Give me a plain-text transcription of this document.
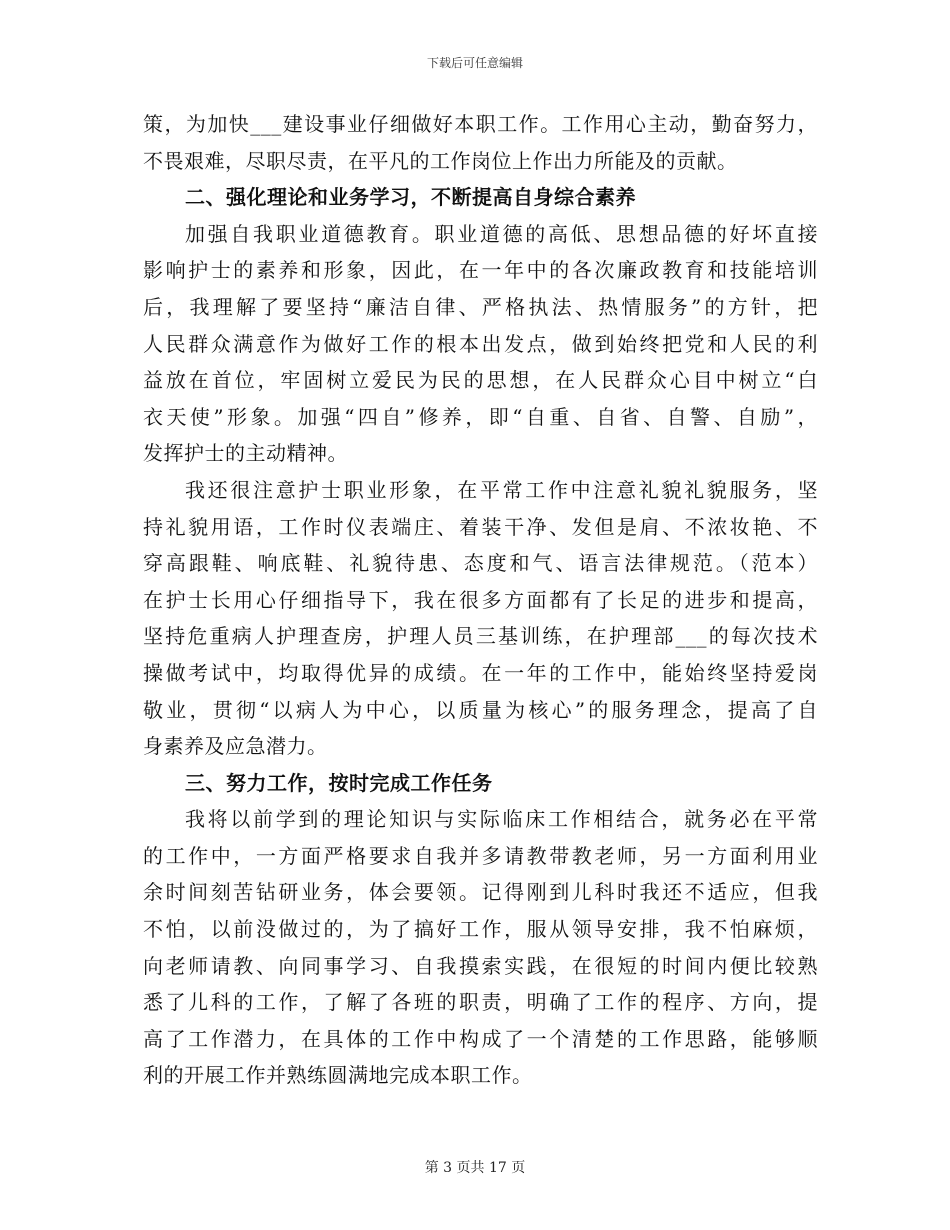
下载后可任意编辑
策，为加快___建设事业仔细做好本职工作。工作用心主动，勤奋努力，
不畏艰难，尽职尽责，在平凡的工作岗位上作出力所能及的贡献。
二、强化理论和业务学习，不断提高自身综合素养
加强自我职业道德教育。职业道德的高低、思想品德的好坏直接
影响护士的素养和形象，因此，在一年中的各次廉政教育和技能培训
后，我理解了要坚持“廉洁自律、严格执法、热情服务”的方针，把
人民群众满意作为做好工作的根本出发点，做到始终把党和人民的利
益放在首位，牢固树立爱民为民的思想，在人民群众心目中树立“白
衣天使”形象。加强“四自”修养，即“自重、自省、自警、自励”，
发挥护士的主动精神。
我还很注意护士职业形象，在平常工作中注意礼貌礼貌服务，坚
持礼貌用语，工作时仪表端庄、着装干净、发但是肩、不浓妆艳、不
穿高跟鞋、响底鞋、礼貌待患、态度和气、语言法律规范。（范本）
在护士长用心仔细指导下，我在很多方面都有了长足的进步和提高，
坚持危重病人护理查房，护理人员三基训练，在护理部___的每次技术
操做考试中，均取得优异的成绩。在一年的工作中，能始终坚持爱岗
敬业，贯彻“以病人为中心，以质量为核心”的服务理念，提高了自
身素养及应急潜力。
三、努力工作，按时完成工作任务
我将以前学到的理论知识与实际临床工作相结合，就务必在平常
的工作中，一方面严格要求自我并多请教带教老师，另一方面利用业
余时间刻苦钻研业务，体会要领。记得刚到儿科时我还不适应，但我
不怕，以前没做过的，为了搞好工作，服从领导安排，我不怕麻烦，
向老师请教、向同事学习、自我摸索实践，在很短的时间内便比较熟
悉了儿科的工作，了解了各班的职责，明确了工作的程序、方向，提
高了工作潜力，在具体的工作中构成了一个清楚的工作思路，能够顺
利的开展工作并熟练圆满地完成本职工作。
第 3 页共 17 页
